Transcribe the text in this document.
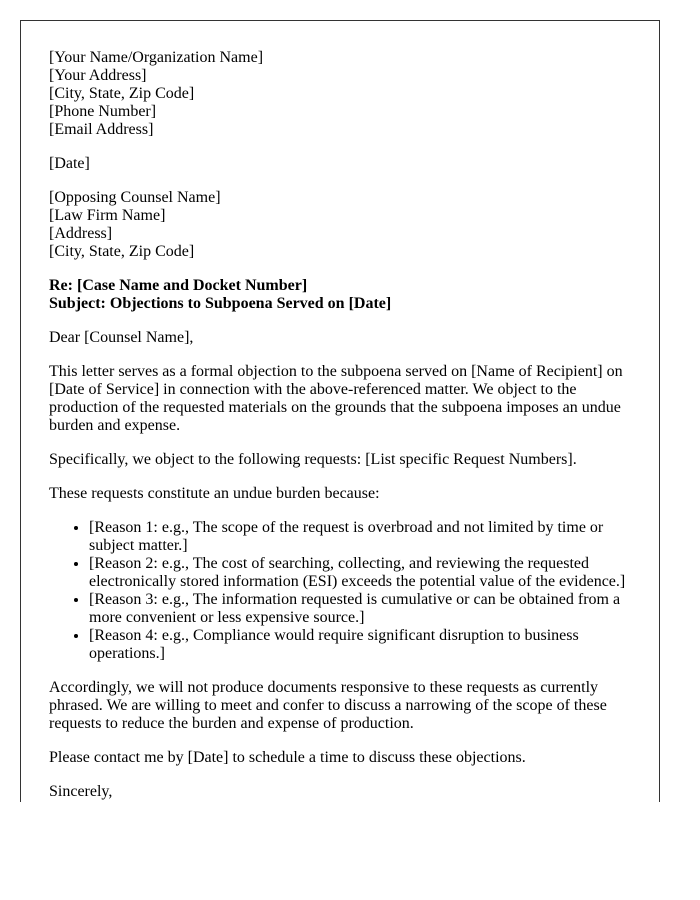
[Your Name/Organization Name]
[Your Address]
[City, State, Zip Code]
[Phone Number]
[Email Address]
[Date]
[Opposing Counsel Name]
[Law Firm Name]
[Address]
[City, State, Zip Code]
Re: [Case Name and Docket Number]
Subject: Objections to Subpoena Served on [Date]

Dear [Counsel Name],

This letter serves as a formal objection to the subpoena served on [Name of Recipient] on [Date of Service] in connection with the above-referenced matter. We object to the production of the requested materials on the grounds that the subpoena imposes an undue burden and expense.

Specifically, we object to the following requests: [List specific Request Numbers].

These requests constitute an undue burden because:

• [Reason 1: e.g., The scope of the request is overbroad and not limited by time or subject matter.]
• [Reason 2: e.g., The cost of searching, collecting, and reviewing the requested electronically stored information (ESI) exceeds the potential value of the evidence.]
• [Reason 3: e.g., The information requested is cumulative or can be obtained from a more convenient or less expensive source.]
• [Reason 4: e.g., Compliance would require significant disruption to business operations.]

Accordingly, we will not produce documents responsive to these requests as currently phrased. We are willing to meet and confer to discuss a narrowing of the scope of these requests to reduce the burden and expense of production.

Please contact me by [Date] to schedule a time to discuss these objections.

Sincerely,
